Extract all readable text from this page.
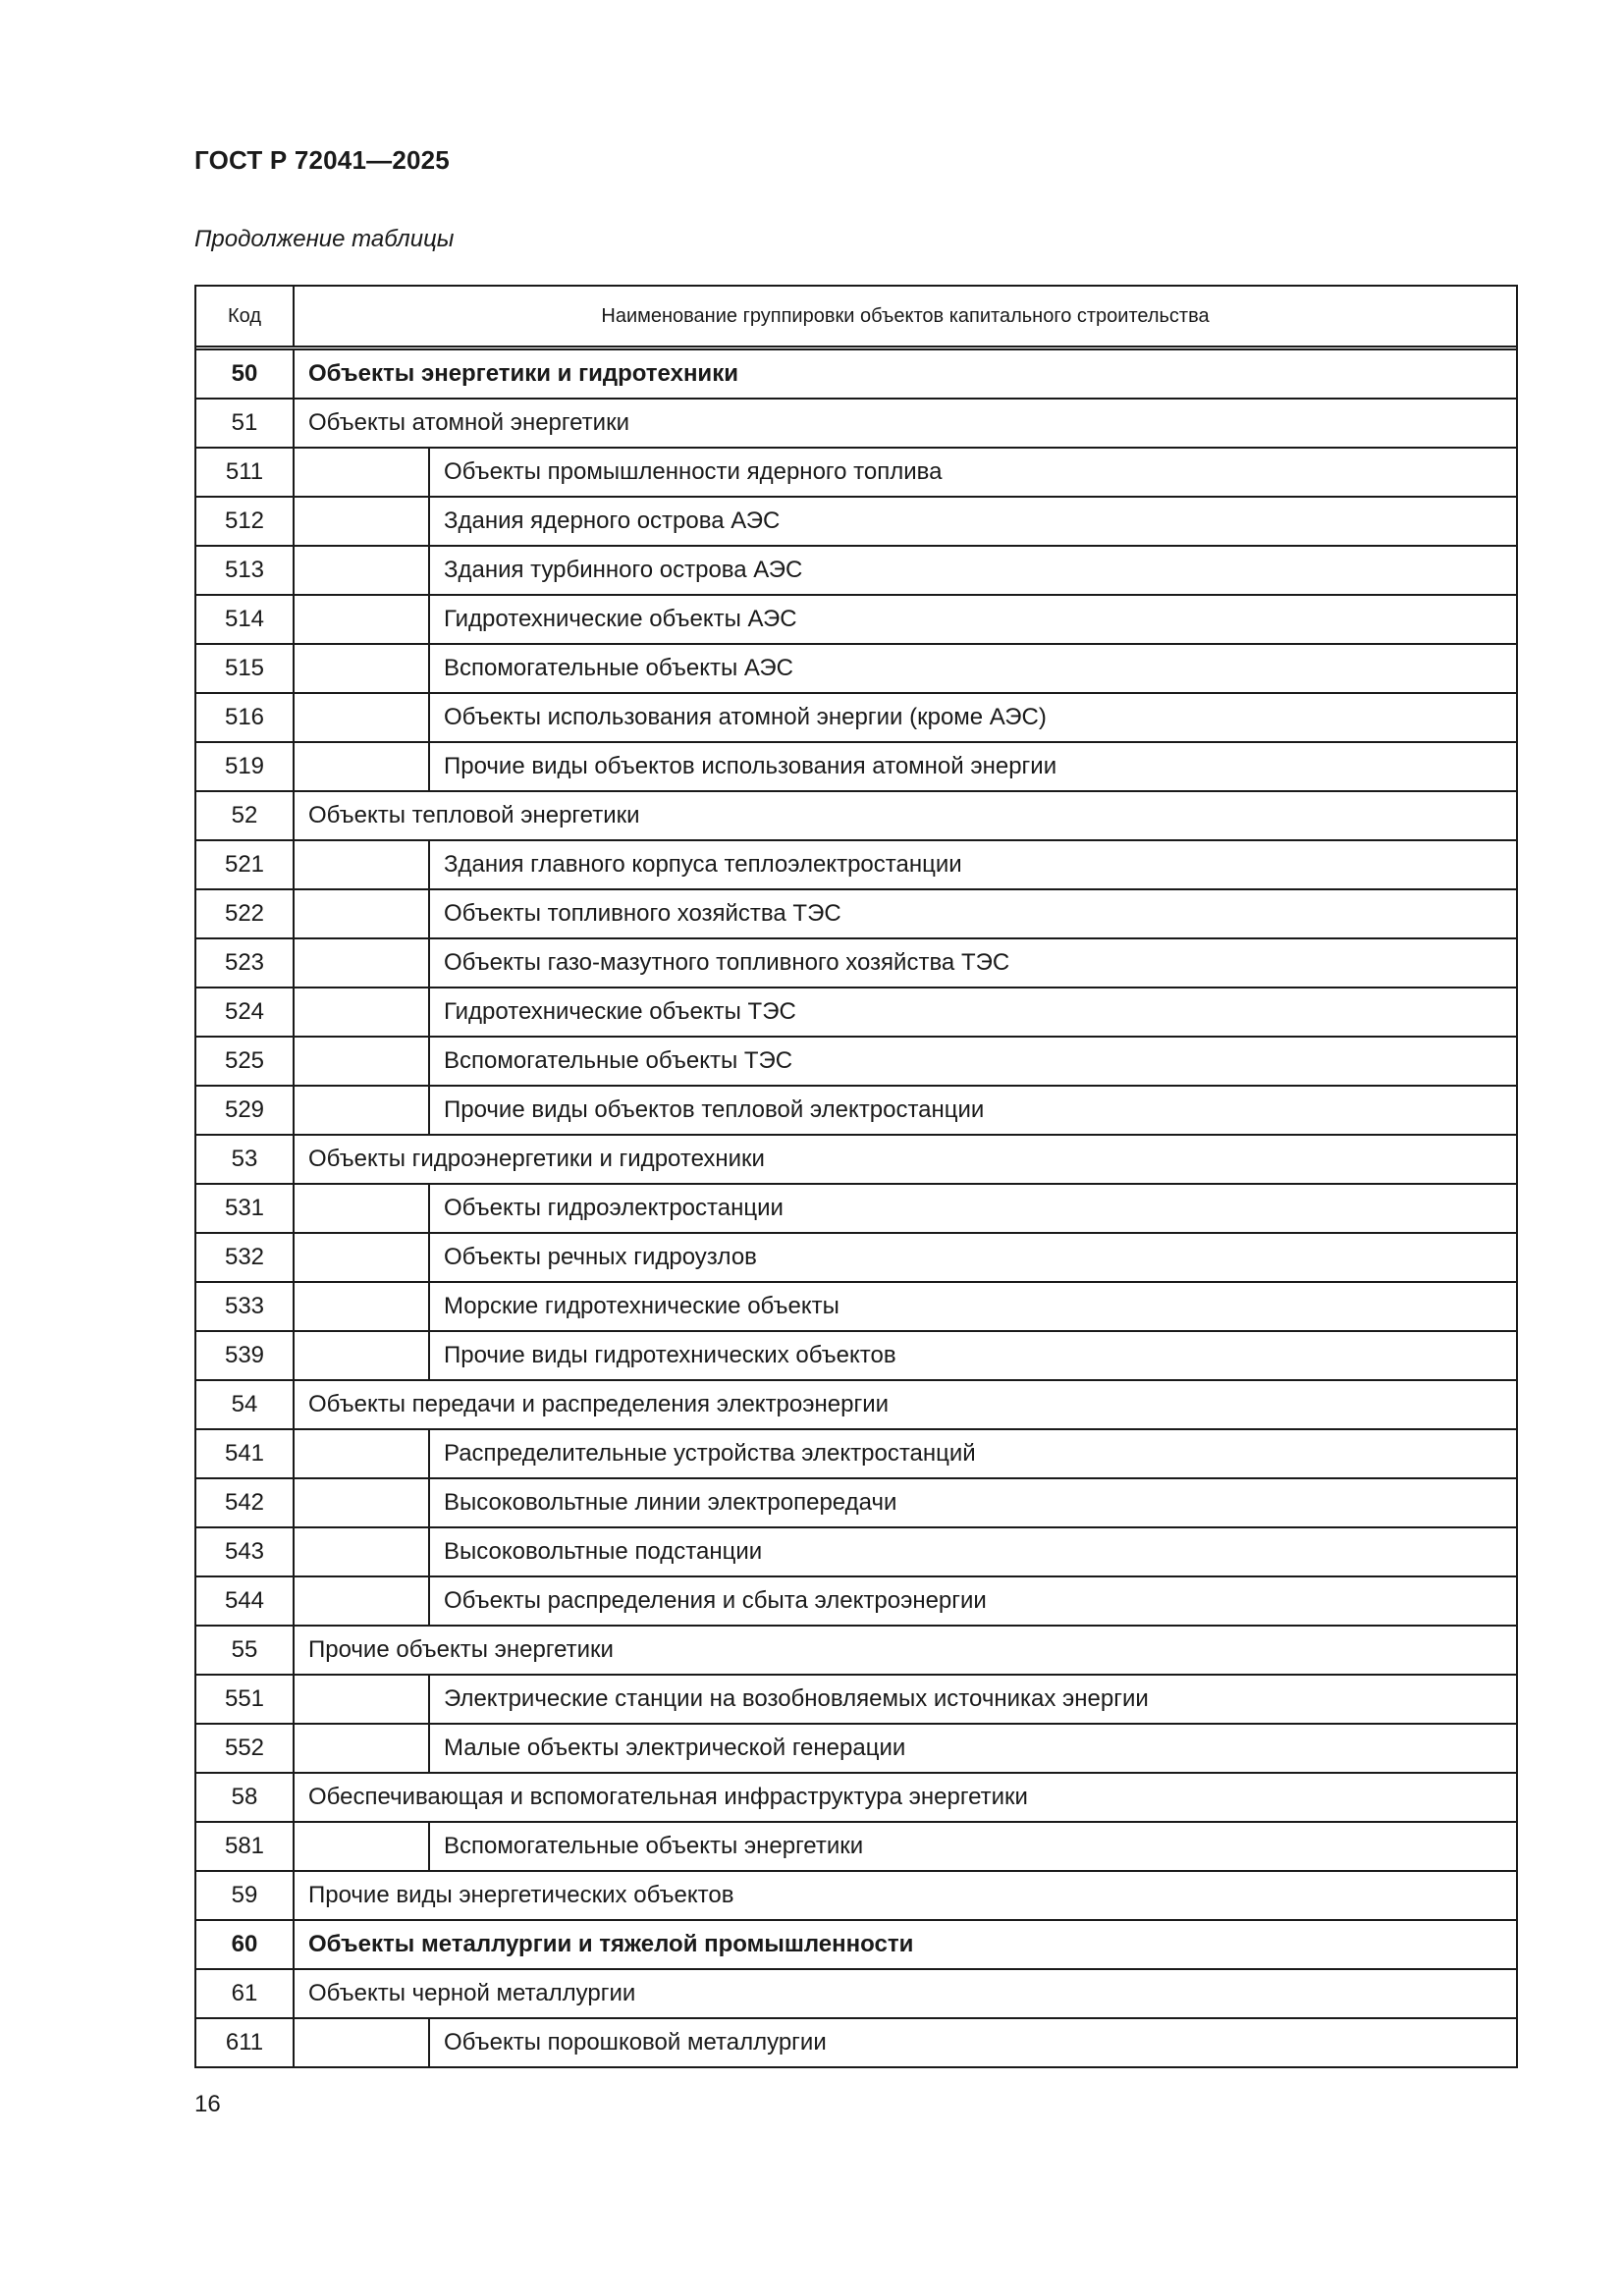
ГОСТ Р 72041—2025
Продолжение таблицы
Код	Наименование группировки объектов капитального строительства
50	Объекты энергетики и гидротехники
51	Объекты атомной энергетики
511	Объекты промышленности ядерного топлива
512	Здания ядерного острова АЭС
513	Здания турбинного острова АЭС
514	Гидротехнические объекты АЭС
515	Вспомогательные объекты АЭС
516	Объекты использования атомной энергии (кроме АЭС)
519	Прочие виды объектов использования атомной энергии
52	Объекты тепловой энергетики
521	Здания главного корпуса теплоэлектростанции
522	Объекты топливного хозяйства ТЭС
523	Объекты газо-мазутного топливного хозяйства ТЭС
524	Гидротехнические объекты ТЭС
525	Вспомогательные объекты ТЭС
529	Прочие виды объектов тепловой электростанции
53	Объекты гидроэнергетики и гидротехники
531	Объекты гидроэлектростанции
532	Объекты речных гидроузлов
533	Морские гидротехнические объекты
539	Прочие виды гидротехнических объектов
54	Объекты передачи и распределения электроэнергии
541	Распределительные устройства электростанций
542	Высоковольтные линии электропередачи
543	Высоковольтные подстанции
544	Объекты распределения и сбыта электроэнергии
55	Прочие объекты энергетики
551	Электрические станции на возобновляемых источниках энергии
552	Малые объекты электрической генерации
58	Обеспечивающая и вспомогательная инфраструктура энергетики
581	Вспомогательные объекты энергетики
59	Прочие виды энергетических объектов
60	Объекты металлургии и тяжелой промышленности
61	Объекты черной металлургии
611	Объекты порошковой металлургии
16
